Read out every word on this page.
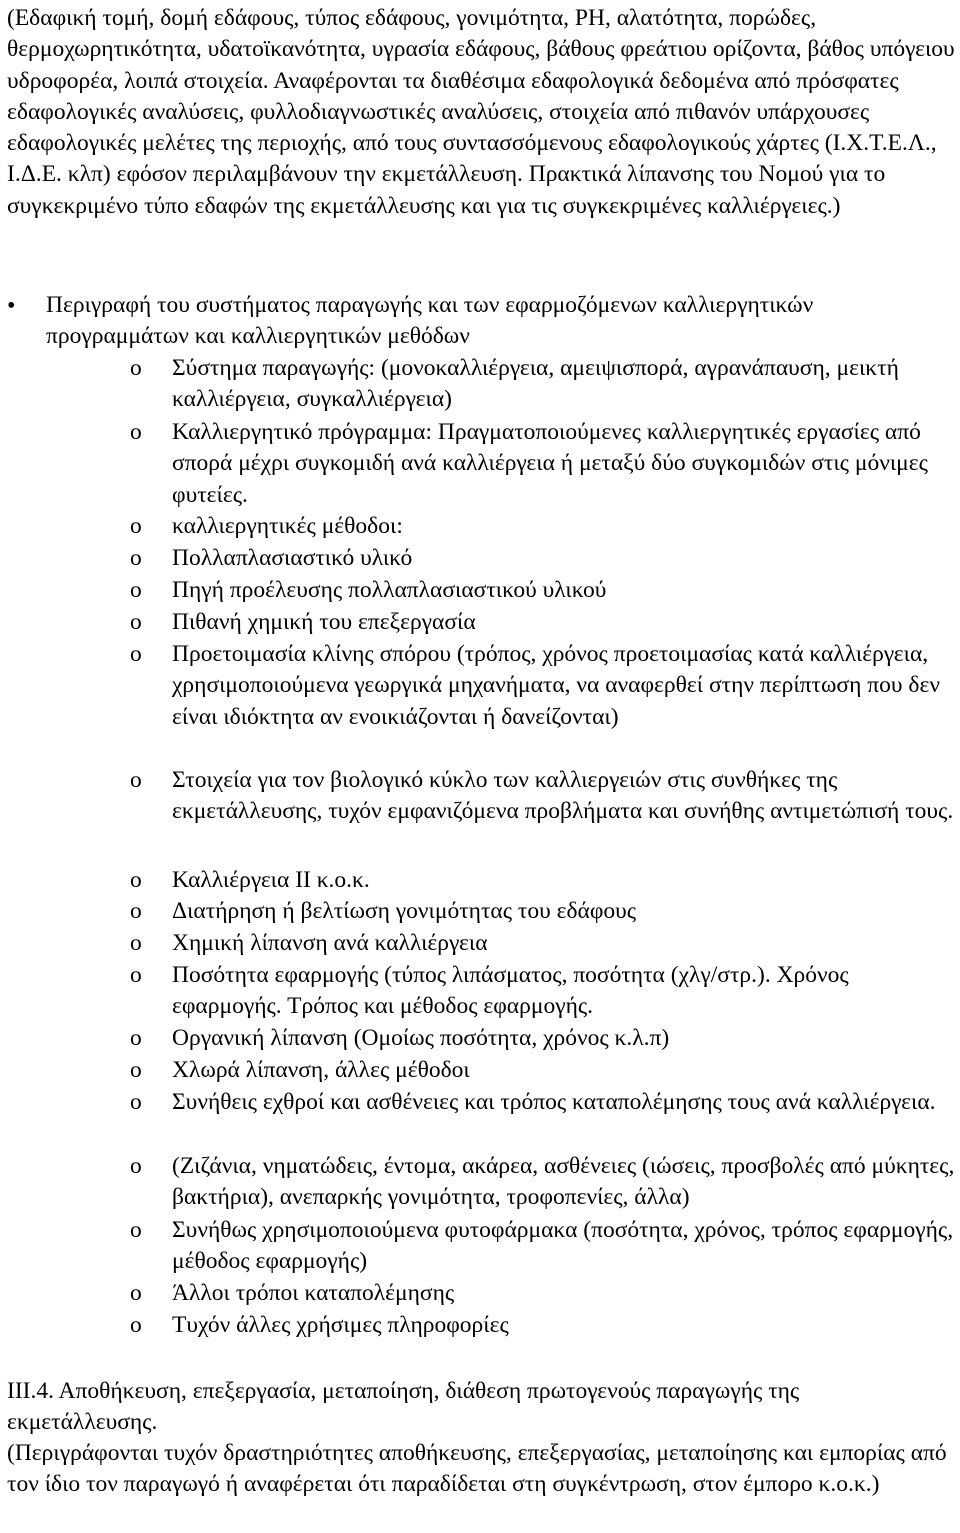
(Εδαφική τομή, δομή εδάφους, τύπος εδάφους, γονιμότητα, PH, αλατότητα, πορώδες, θερμοχωρητικότητα, υδατοϊκανότητα, υγρασία εδάφους, βάθους φρεάτιου ορίζοντα, βάθος υπόγειου υδροφορέα, λοιπά στοιχεία. Αναφέρονται τα διαθέσιμα εδαφολογικά δεδομένα από πρόσφατες εδαφολογικές αναλύσεις, φυλλοδιαγνωστικές αναλύσεις, στοιχεία από πιθανόν υπάρχουσες εδαφολογικές μελέτες της περιοχής, από τους συντασσόμενους εδαφολογικούς χάρτες (Ι.Χ.Τ.Ε.Λ., Ι.Δ.Ε. κλπ) εφόσον περιλαμβάνουν την εκμετάλλευση. Πρακτικά λίπανσης του Νομού για το συγκεκριμένο τύπο εδαφών της εκμετάλλευσης και για τις συγκεκριμένες καλλιέργειες.)

• Περιγραφή του συστήματος παραγωγής και των εφαρμοζόμενων καλλιεργητικών προγραμμάτων και καλλιεργητικών μεθόδων

o Σύστημα παραγωγής: (μονοκαλλιέργεια, αμειψισπορά, αγρανάπαυση, μεικτή καλλιέργεια, συγκαλλιέργεια)

o Καλλιεργητικό πρόγραμμα: Πραγματοποιούμενες καλλιεργητικές εργασίες από σπορά μέχρι συγκομιδή ανά καλλιέργεια ή μεταξύ δύο συγκομιδών στις μόνιμες φυτείες.

o καλλιεργητικές μέθοδοι:

o Πολλαπλασιαστικό υλικό

o Πηγή προέλευσης πολλαπλασιαστικού υλικού

o Πιθανή χημική του επεξεργασία

o Προετοιμασία κλίνης σπόρου (τρόπος, χρόνος προετοιμασίας κατά καλλιέργεια, χρησιμοποιούμενα γεωργικά μηχανήματα, να αναφερθεί στην περίπτωση που δεν είναι ιδιόκτητα αν ενοικιάζονται ή δανείζονται)

o Στοιχεία για τον βιολογικό κύκλο των καλλιεργειών στις συνθήκες της εκμετάλλευσης, τυχόν εμφανιζόμενα προβλήματα και συνήθης αντιμετώπισή τους.

o Καλλιέργεια ΙΙ κ.ο.κ.

o Διατήρηση ή βελτίωση γονιμότητας του εδάφους

o Χημική λίπανση ανά καλλιέργεια

o Ποσότητα εφαρμογής (τύπος λιπάσματος, ποσότητα (χλγ/στρ.). Χρόνος εφαρμογής. Τρόπος και μέθοδος εφαρμογής.

o Οργανική λίπανση (Ομοίως ποσότητα, χρόνος κ.λ.π)

o Χλωρά λίπανση, άλλες μέθοδοι

o Συνήθεις εχθροί και ασθένειες και τρόπος καταπολέμησης τους ανά καλλιέργεια.

o (Ζιζάνια, νηματώδεις, έντομα, ακάρεα, ασθένειες (ιώσεις, προσβολές από μύκητες, βακτήρια), ανεπαρκής γονιμότητα, τροφοπενίες, άλλα)

o Συνήθως χρησιμοποιούμενα φυτοφάρμακα (ποσότητα, χρόνος, τρόπος εφαρμογής, μέθοδος εφαρμογής)

o Άλλοι τρόποι καταπολέμησης

o Τυχόν άλλες χρήσιμες πληροφορίες

ΙΙΙ.4. Αποθήκευση, επεξεργασία, μεταποίηση, διάθεση πρωτογενούς παραγωγής της εκμετάλλευσης.

(Περιγράφονται τυχόν δραστηριότητες αποθήκευσης, επεξεργασίας, μεταποίησης και εμπορίας από τον ίδιο τον παραγωγό ή αναφέρεται ότι παραδίδεται στη συγκέντρωση, στον έμπορο κ.ο.κ.)
